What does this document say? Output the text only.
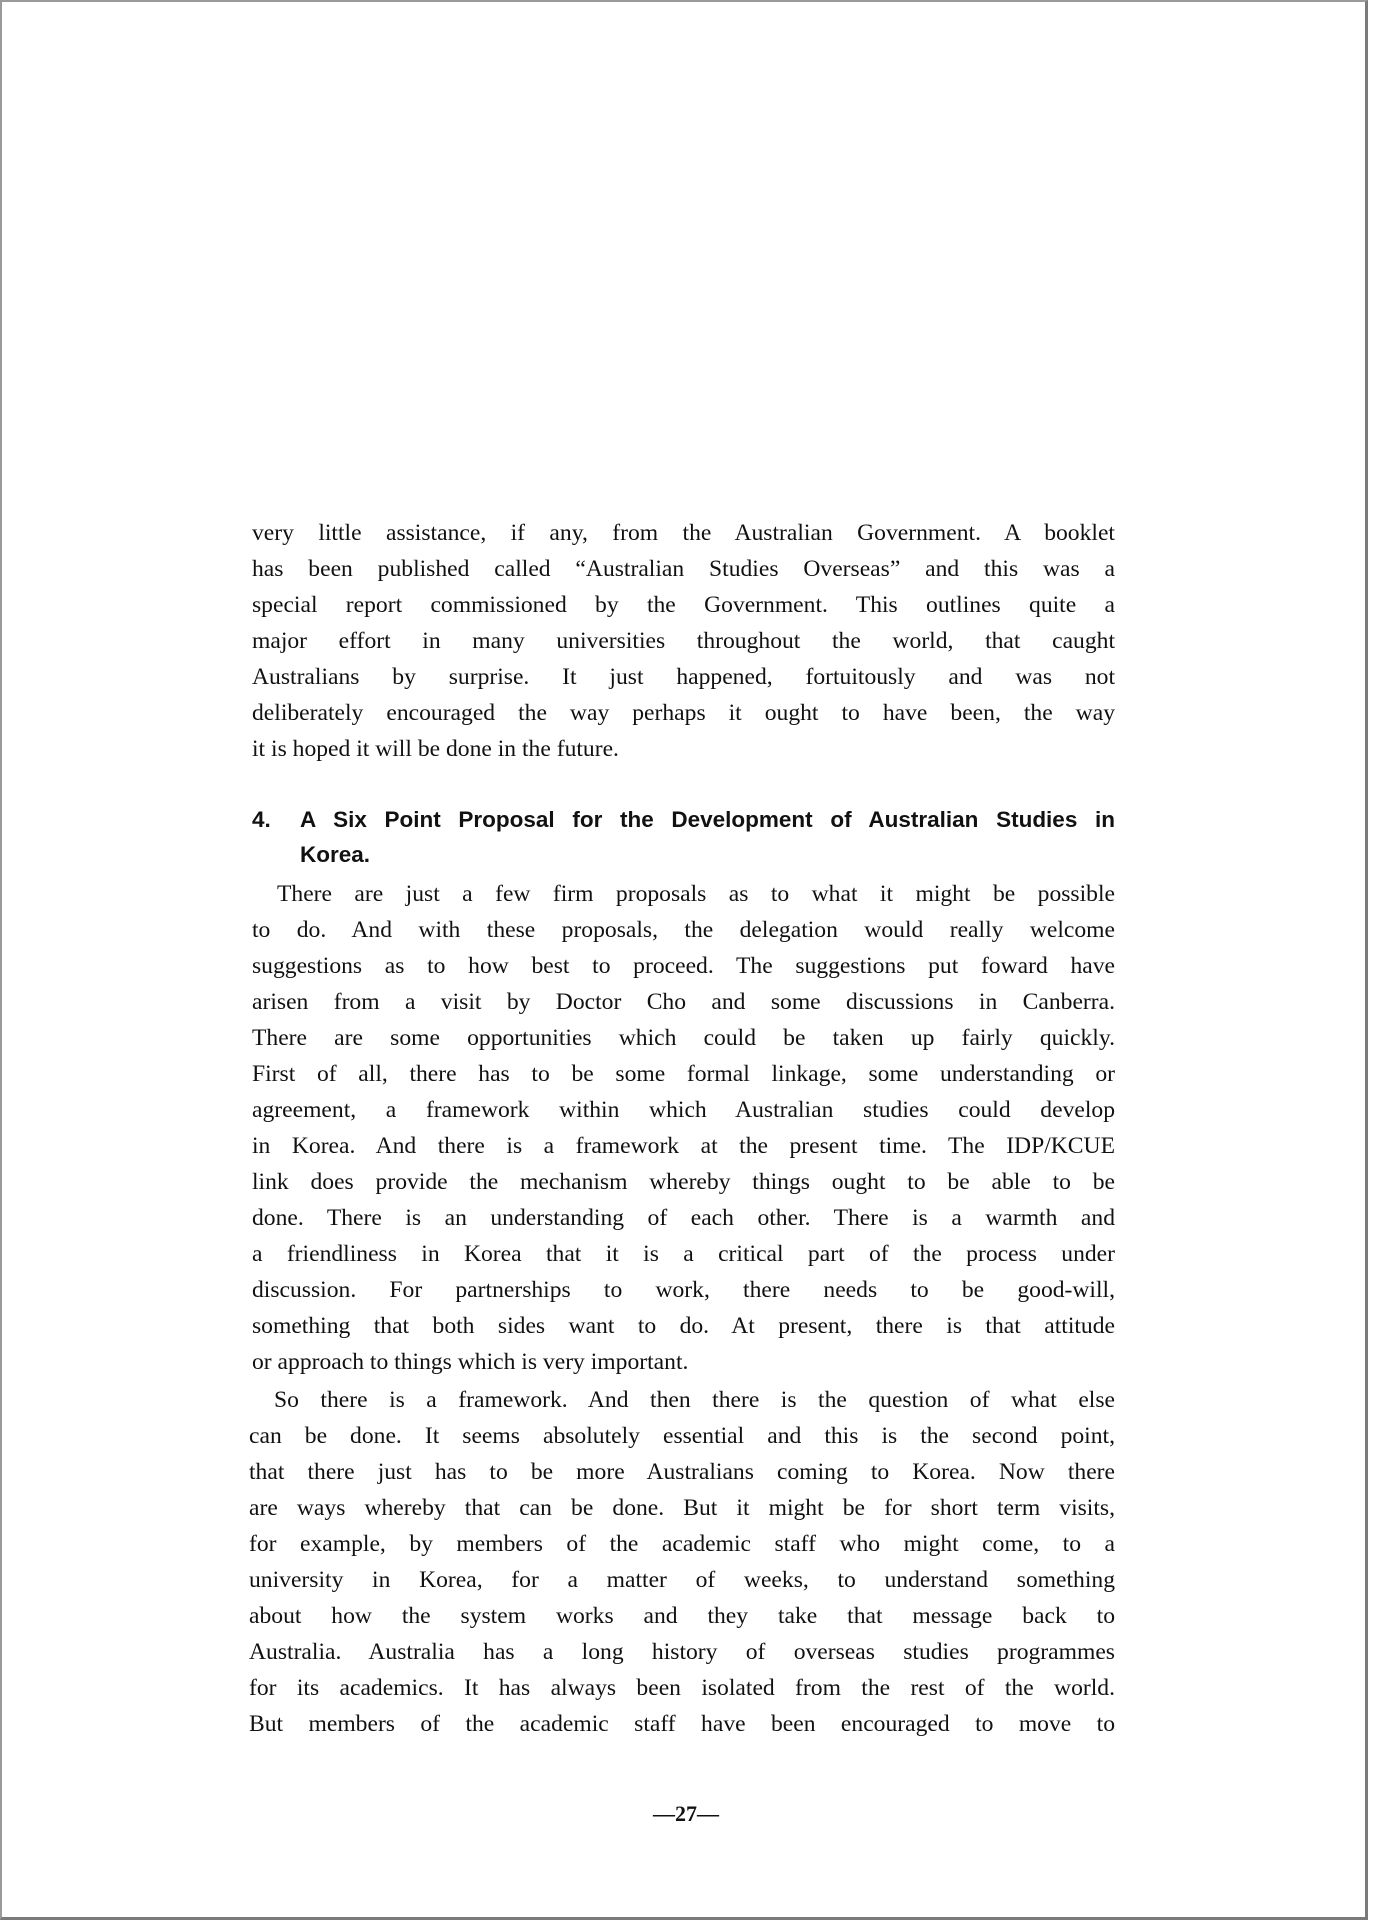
very little assistance, if any, from the Australian Government. A booklet
has been published called “Australian Studies Overseas” and this was a
special report commissioned by the Government. This outlines quite a
major effort in many universities throughout the world, that caught
Australians by surprise. It just happened, fortuitously and was not
deliberately encouraged the way perhaps it ought to have been, the way
it is hoped it will be done in the future.
4. A Six Point Proposal for the Development of Australian Studies in
Korea.
There are just a few firm proposals as to what it might be possible
to do. And with these proposals, the delegation would really welcome
suggestions as to how best to proceed. The suggestions put foward have
arisen from a visit by Doctor Cho and some discussions in Canberra.
There are some opportunities which could be taken up fairly quickly.
First of all, there has to be some formal linkage, some understanding or
agreement, a framework within which Australian studies could develop
in Korea. And there is a framework at the present time. The IDP/KCUE
link does provide the mechanism whereby things ought to be able to be
done. There is an understanding of each other. There is a warmth and
a friendliness in Korea that it is a critical part of the process under
discussion. For partnerships to work, there needs to be good-will,
something that both sides want to do. At present, there is that attitude
or approach to things which is very important.
So there is a framework. And then there is the question of what else
can be done. It seems absolutely essential and this is the second point,
that there just has to be more Australians coming to Korea. Now there
are ways whereby that can be done. But it might be for short term visits,
for example, by members of the academic staff who might come, to a
university in Korea, for a matter of weeks, to understand something
about how the system works and they take that message back to
Australia. Australia has a long history of overseas studies programmes
for its academics. It has always been isolated from the rest of the world.
But members of the academic staff have been encouraged to move to
—27—
